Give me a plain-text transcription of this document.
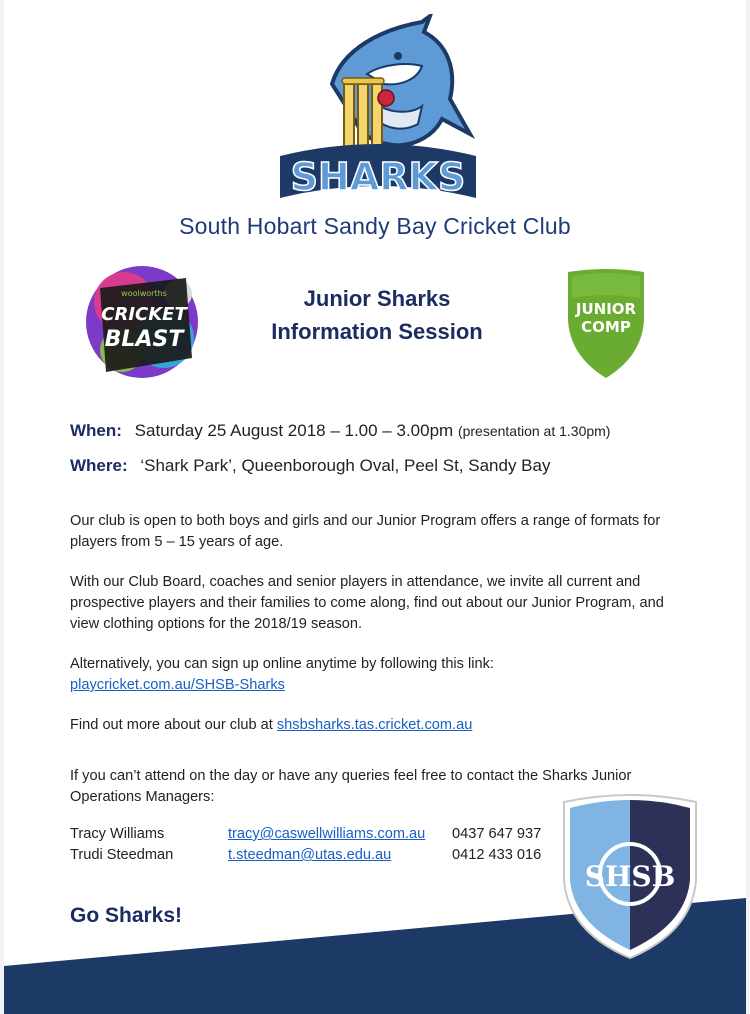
SHARKS
South Hobart Sandy Bay Cricket Club
woolworths
CRICKET
BLAST
Junior Sharks
Information Session
JUNIOR
COMP
When: Saturday 25 August 2018 – 1.00 – 3.00pm (presentation at 1.30pm)
Where: ‘Shark Park’, Queenborough Oval, Peel St, Sandy Bay

Our club is open to both boys and girls and our Junior Program offers a range of formats for players from 5 – 15 years of age.

With our Club Board, coaches and senior players in attendance, we invite all current and prospective players and their families to come along, find out about our Junior Program, and view clothing options for the 2018/19 season.

Alternatively, you can sign up online anytime by following this link:
playcricket.com.au/SHSB-Sharks
Find out more about our club at shsbsharks.tas.cricket.com.au

If you can’t attend on the day or have any queries feel free to contact the Sharks Junior Operations Managers:

Tracy Williams	tracy@caswellwilliams.com.au 0437 647 937
Trudi Steedman	t.steedman@utas.edu.au	0412 433 016
Go Sharks!
SHSB
